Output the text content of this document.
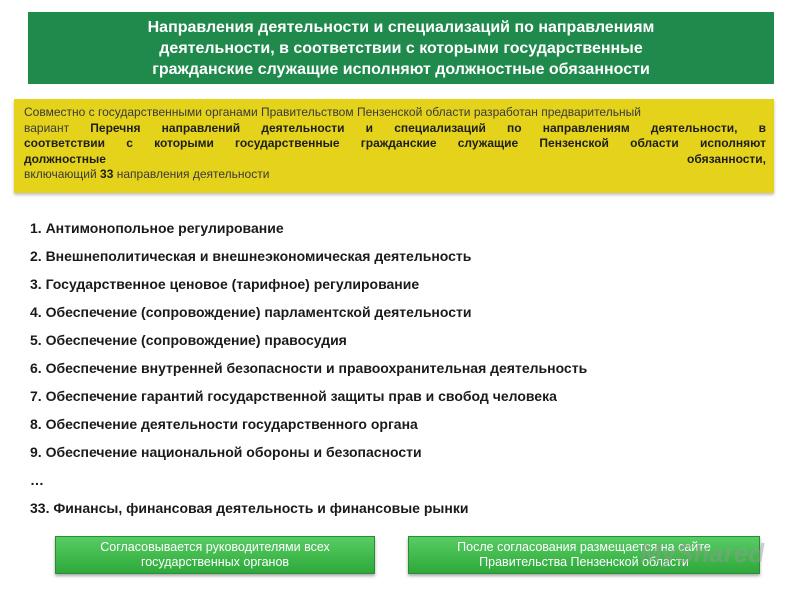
Направления деятельности и специализаций по направлениям
деятельности, в соответствии с которыми государственные
гражданские служащие исполняют должностные обязанности
Совместно с государственными органами Правительством Пензенской области разработан предварительный
вариант Перечня направлений деятельности и специализаций по направлениям деятельности, в
соответствии с которыми государственные гражданские служащие Пензенской области исполняют
должностные	обязанности,
включающий 33 направления деятельности
1. Антимонопольное регулирование
2. Внешнеполитическая и внешнеэкономическая деятельность
3. Государственное ценовое (тарифное) регулирование
4. Обеспечение (сопровождение) парламентской деятельности
5. Обеспечение (сопровождение) правосудия
6. Обеспечение внутренней безопасности и правоохранительная деятельность
7. Обеспечение гарантий государственной защиты прав и свобод человека
8. Обеспечение деятельности государственного органа
9. Обеспечение национальной обороны и безопасности
…
33. Финансы, финансовая деятельность и финансовые рынки
Согласовывается руководителями всех
государственных органов
После согласования размещается на сайте
Правительства Пензенской области
MyShared
